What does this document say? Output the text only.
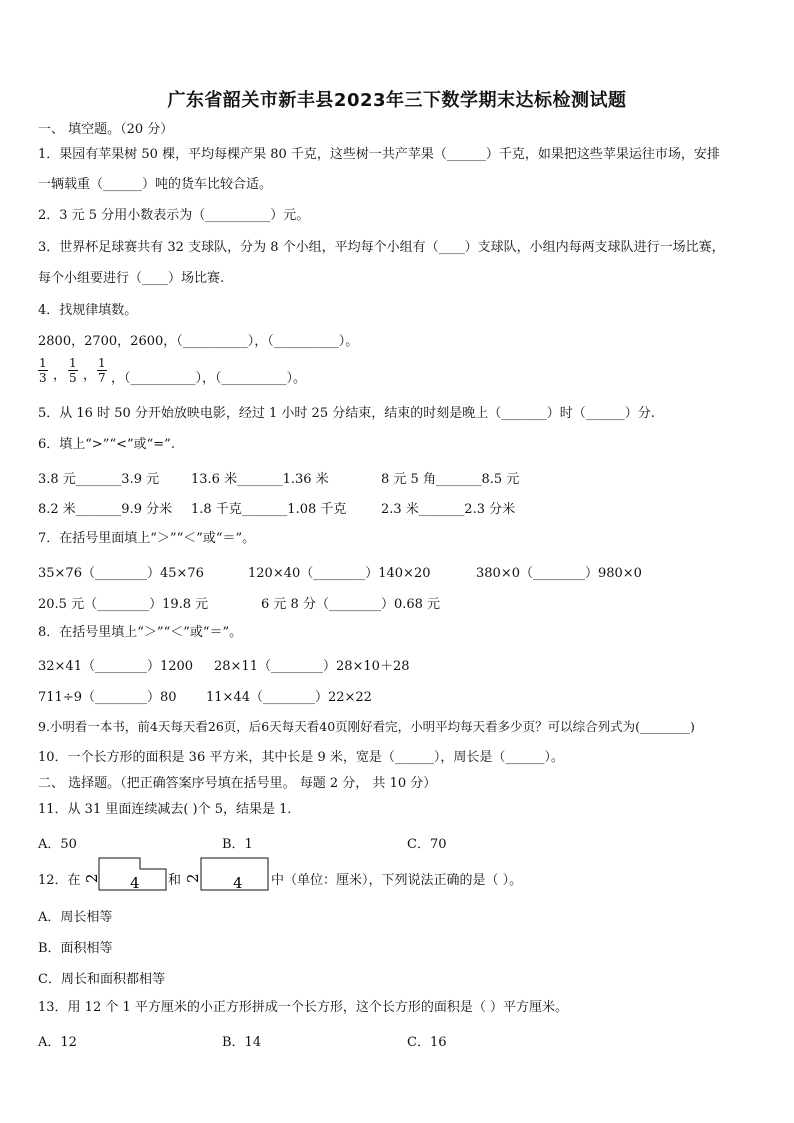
广东省韶关市新丰县2023年三下数学期末达标检测试题
一、 填空题。（20 分）
1．果园有苹果树 50 棵，平均每棵产果 80 千克，这些树一共产苹果（______）千克，如果把这些苹果运往市场，安排
一辆载重（______）吨的货车比较合适。
2．3 元 5 分用小数表示为（__________）元。
3．世界杯足球赛共有 32 支球队，分为 8 个小组，平均每个小组有（____）支球队，小组内每两支球队进行一场比赛，
每个小组要进行（____）场比赛.
4．找规律填数。
2800，2700，2600，（__________），（__________）。
$\frac{1}{3}$ ， $\frac{1}{5}$ ， $\frac{1}{7}$ ，（__________），（__________）。
5．从 16 时 50 分开始放映电影，经过 1 小时 25 分结束，结束的时刻是晚上（_______）时（______）分.
6．填上“>”“<”或“=”.
3.8 元_______3.9 元 13.6 米_______1.36 米	8 元 5 角_______8.5 元
8.2 米_______9.9 分米 1.8 千克_______1.08 千克	2.3 米_______2.3 分米
7．在括号里面填上“＞”“＜”或“＝”。
35×76（________）45×76	120×40（________）140×20	380×0（________）980×0
20.5 元（________）19.8 元	6 元 8 分（________）0.68 元
8．在括号里填上“＞”“＜”或“＝”。
32×41（________）1200 28×11（________）28×10＋28
711÷9（________）80 11×44（________）22×22
9.小明看一本书，前4天每天看26页，后6天每天看40页刚好看完，小明平均每天看多少页？可以综合列式为(________)
10．一个长方形的面积是 36 平方米，其中长是 9 米，宽是（______），周长是（______）。
二、 选择题。（把正确答案序号填在括号里。 每题 2 分， 共 10 分）
11．从 31 里面连续减去( )个 5，结果是 1．
A．50	B．1	C．70
12．在 2 4 和 2 4 中（单位：厘米），下列说法正确的是（ ）。
A．周长相等
B．面积相等
C．周长和面积都相等
13．用 12 个 1 平方厘米的小正方形拼成一个长方形，这个长方形的面积是（ ）平方厘米。
A．12	B．14	C．16
